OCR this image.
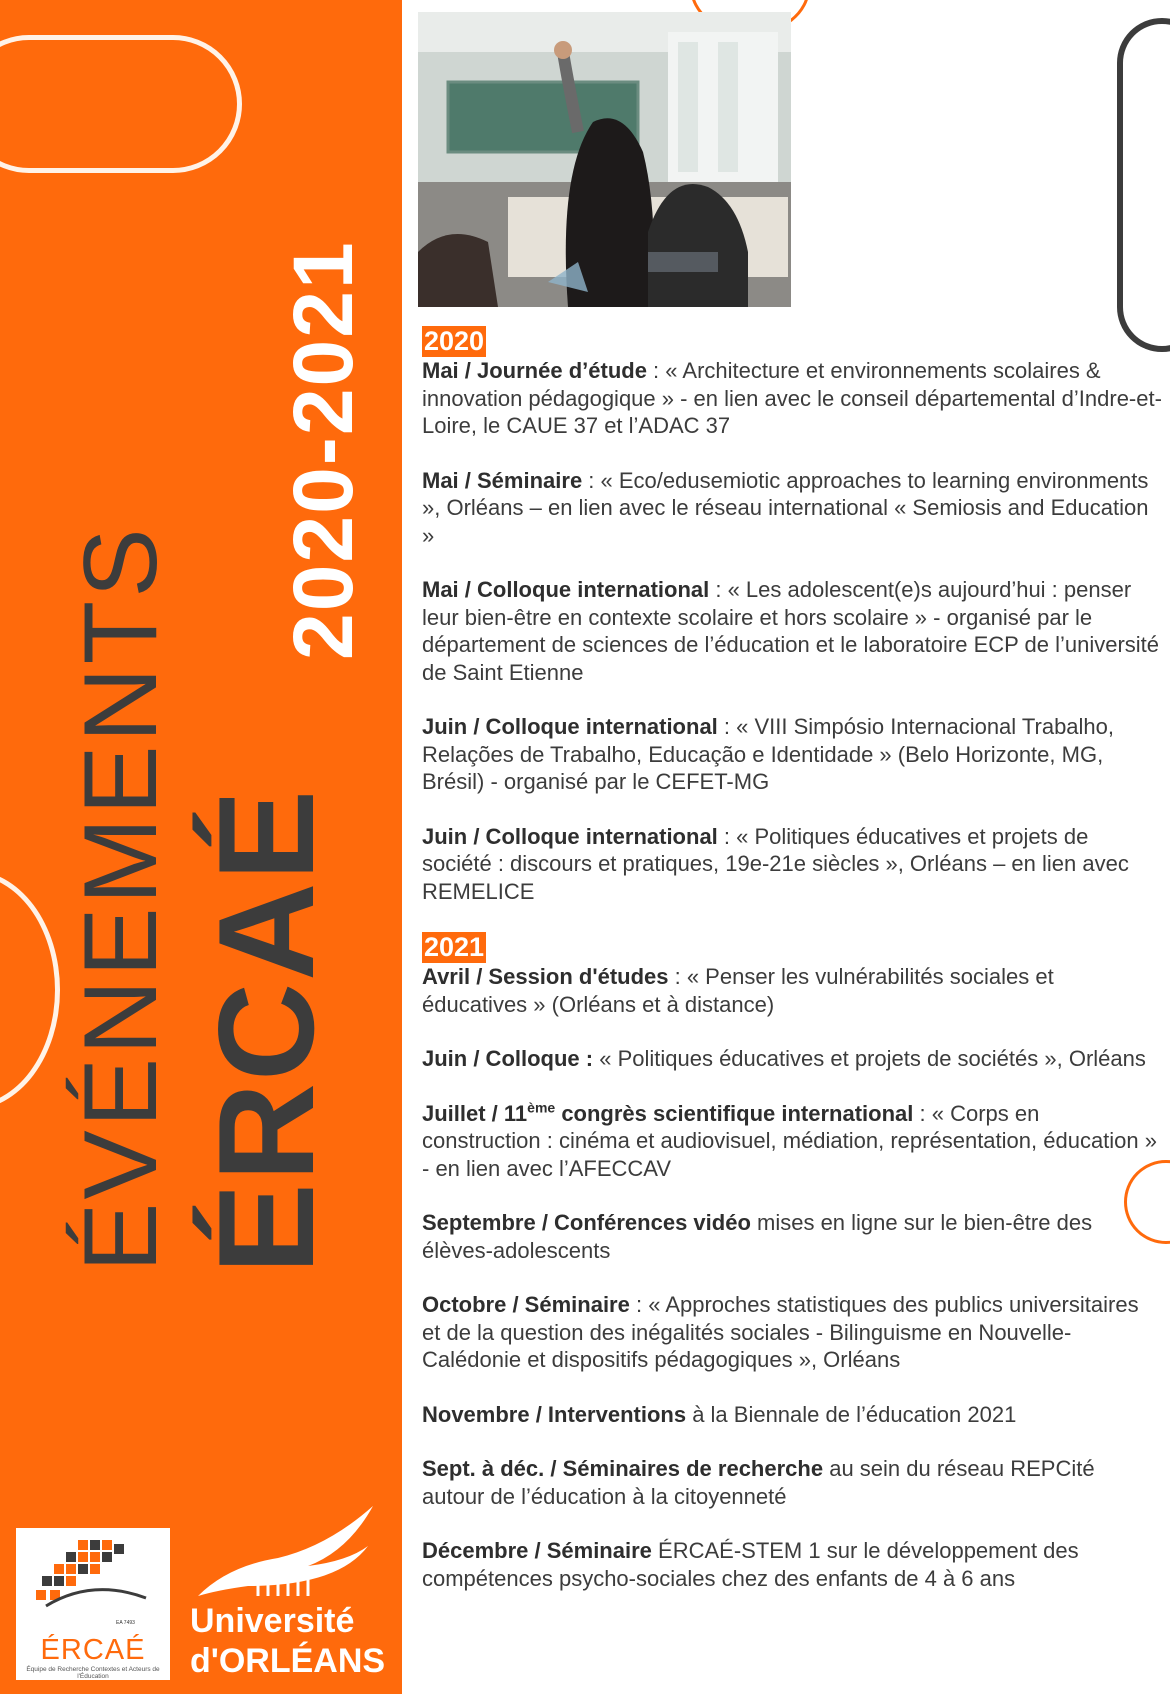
ÉVÉNEMENTS ÉRCAÉ
2020-2021
EA 7493
ÉRCAÉ
Équipe de Recherche Contextes et Acteurs de l'Éducation
Université
d'ORLÉANS
2020
Mai / Journée d’étude : « Architecture et environnements scolaires & innovation pédagogique » - en lien avec le conseil départemental d’Indre-et-Loire, le CAUE 37 et l’ADAC 37
Mai / Séminaire : « Eco/edusemiotic approaches to learning environments », Orléans – en lien avec le réseau international « Semiosis and Education »
Mai / Colloque international : « Les adolescent(e)s aujourd’hui : penser leur bien-être en contexte scolaire et hors scolaire » - organisé par le département de sciences de l’éducation et le laboratoire ECP de l’université de Saint Etienne
Juin / Colloque international : « VIII Simpósio Internacional Trabalho, Relações de Trabalho, Educação e Identidade » (Belo Horizonte, MG, Brésil) - organisé par le CEFET-MG
Juin / Colloque international : « Politiques éducatives et projets de société : discours et pratiques, 19e-21e siècles », Orléans – en lien avec REMELICE
2021
Avril / Session d'études : « Penser les vulnérabilités sociales et éducatives » (Orléans et à distance)
Juin / Colloque : « Politiques éducatives et projets de sociétés », Orléans
Juillet / 11ème congrès scientifique international : « Corps en construction : cinéma et audiovisuel, médiation, représentation, éducation » - en lien avec l’AFECCAV
Septembre / Conférences vidéo mises en ligne sur le bien-être des élèves-adolescents
Octobre / Séminaire : « Approches statistiques des publics universitaires et de la question des inégalités sociales - Bilinguisme en Nouvelle-Calédonie et dispositifs pédagogiques », Orléans
Novembre / Interventions à la Biennale de l’éducation 2021
Sept. à déc. / Séminaires de recherche au sein du réseau REPCité autour de l’éducation à la citoyenneté
Décembre / Séminaire ÉRCAÉ-STEM 1 sur le développement des compétences psycho-sociales chez des enfants de 4 à 6 ans
